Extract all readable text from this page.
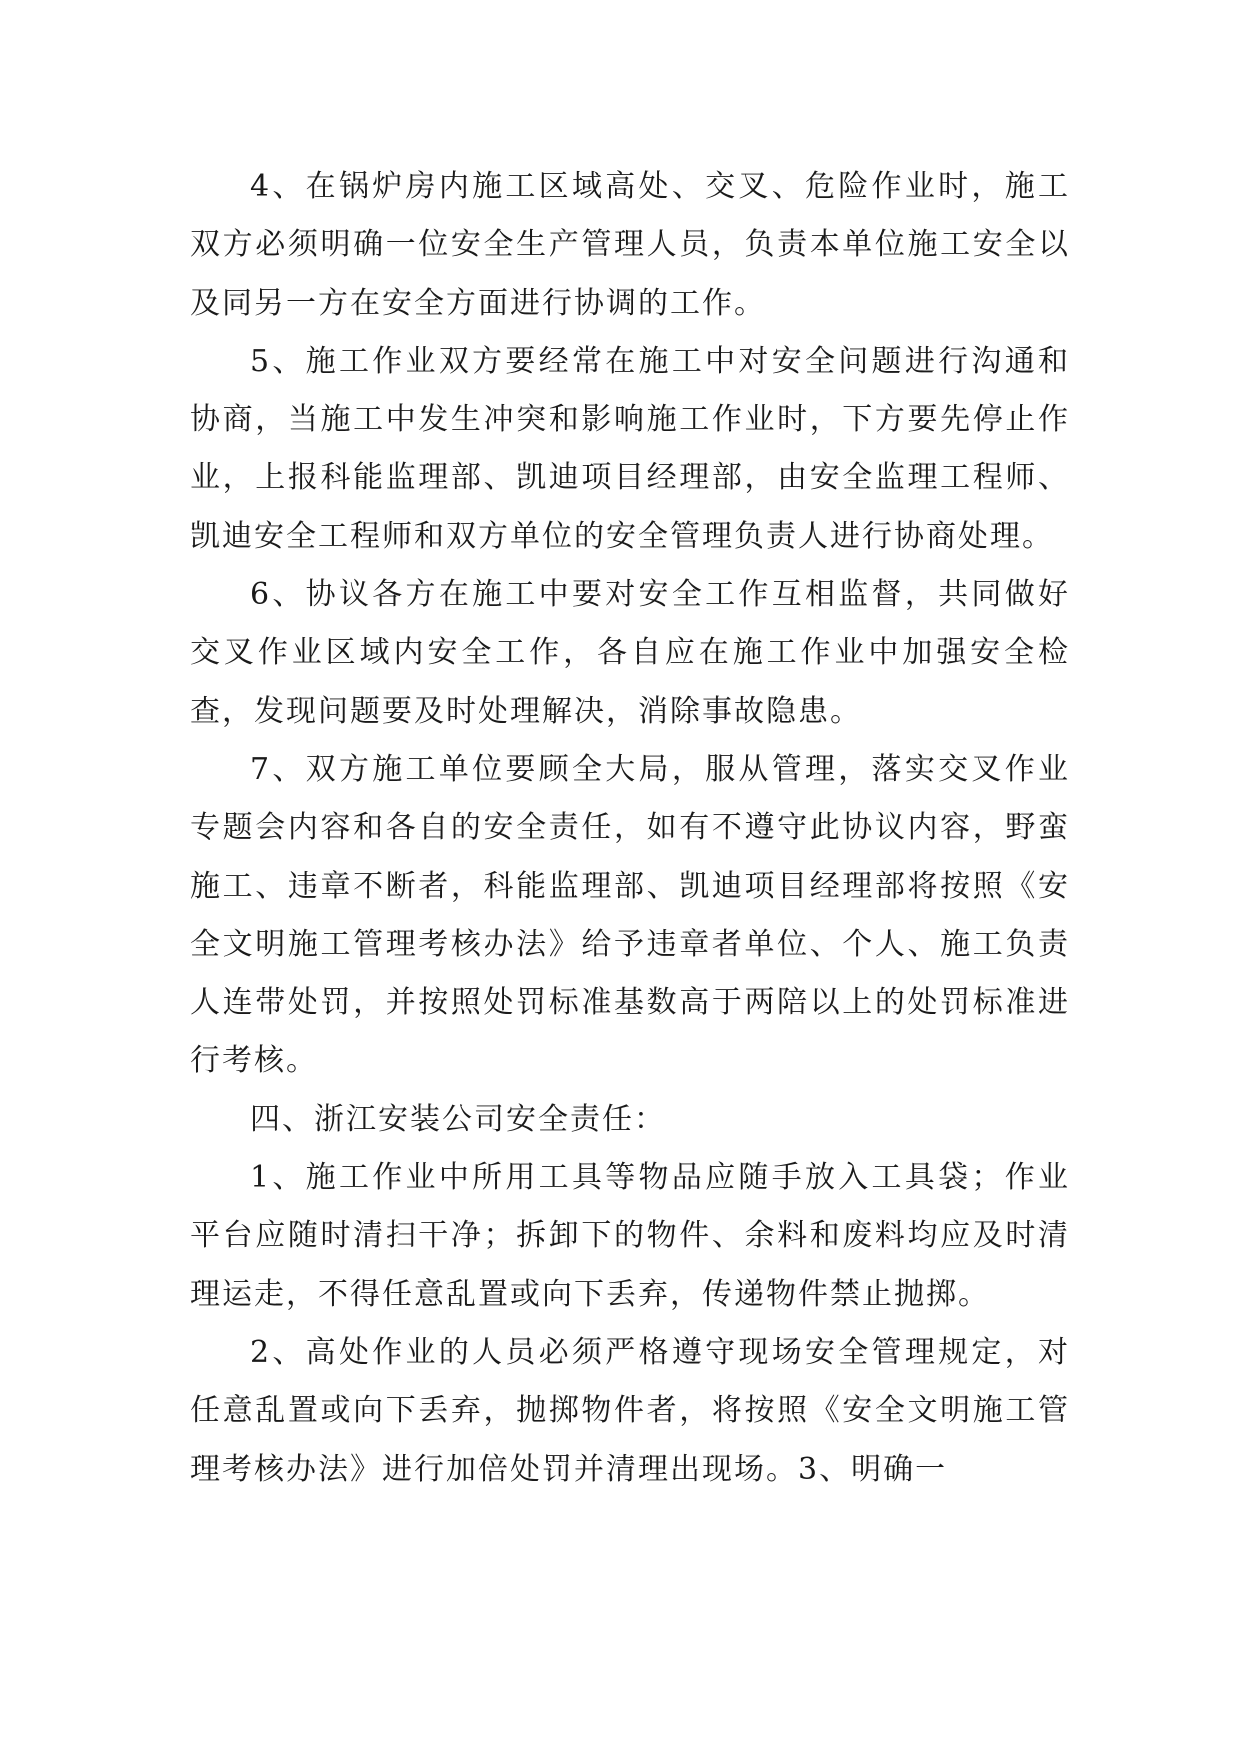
4、在锅炉房内施工区域高处、交叉、危险作业时，施工双方必须明确一位安全生产管理人员，负责本单位施工安全以及同另一方在安全方面进行协调的工作。

5、施工作业双方要经常在施工中对安全问题进行沟通和协商，当施工中发生冲突和影响施工作业时，下方要先停止作业，上报科能监理部、凯迪项目经理部，由安全监理工程师、凯迪安全工程师和双方单位的安全管理负责人进行协商处理。

6、协议各方在施工中要对安全工作互相监督，共同做好交叉作业区域内安全工作，各自应在施工作业中加强安全检查，发现问题要及时处理解决，消除事故隐患。

7、双方施工单位要顾全大局，服从管理，落实交叉作业专题会内容和各自的安全责任，如有不遵守此协议内容，野蛮施工、违章不断者，科能监理部、凯迪项目经理部将按照《安全文明施工管理考核办法》给予违章者单位、个人、施工负责人连带处罚，并按照处罚标准基数高于两陪以上的处罚标准进行考核。

四、浙江安装公司安全责任：

1、施工作业中所用工具等物品应随手放入工具袋；作业平台应随时清扫干净；拆卸下的物件、余料和废料均应及时清理运走，不得任意乱置或向下丢弃，传递物件禁止抛掷。

2、高处作业的人员必须严格遵守现场安全管理规定，对任意乱置或向下丢弃，抛掷物件者，将按照《安全文明施工管理考核办法》进行加倍处罚并清理出现场。3、明确一
